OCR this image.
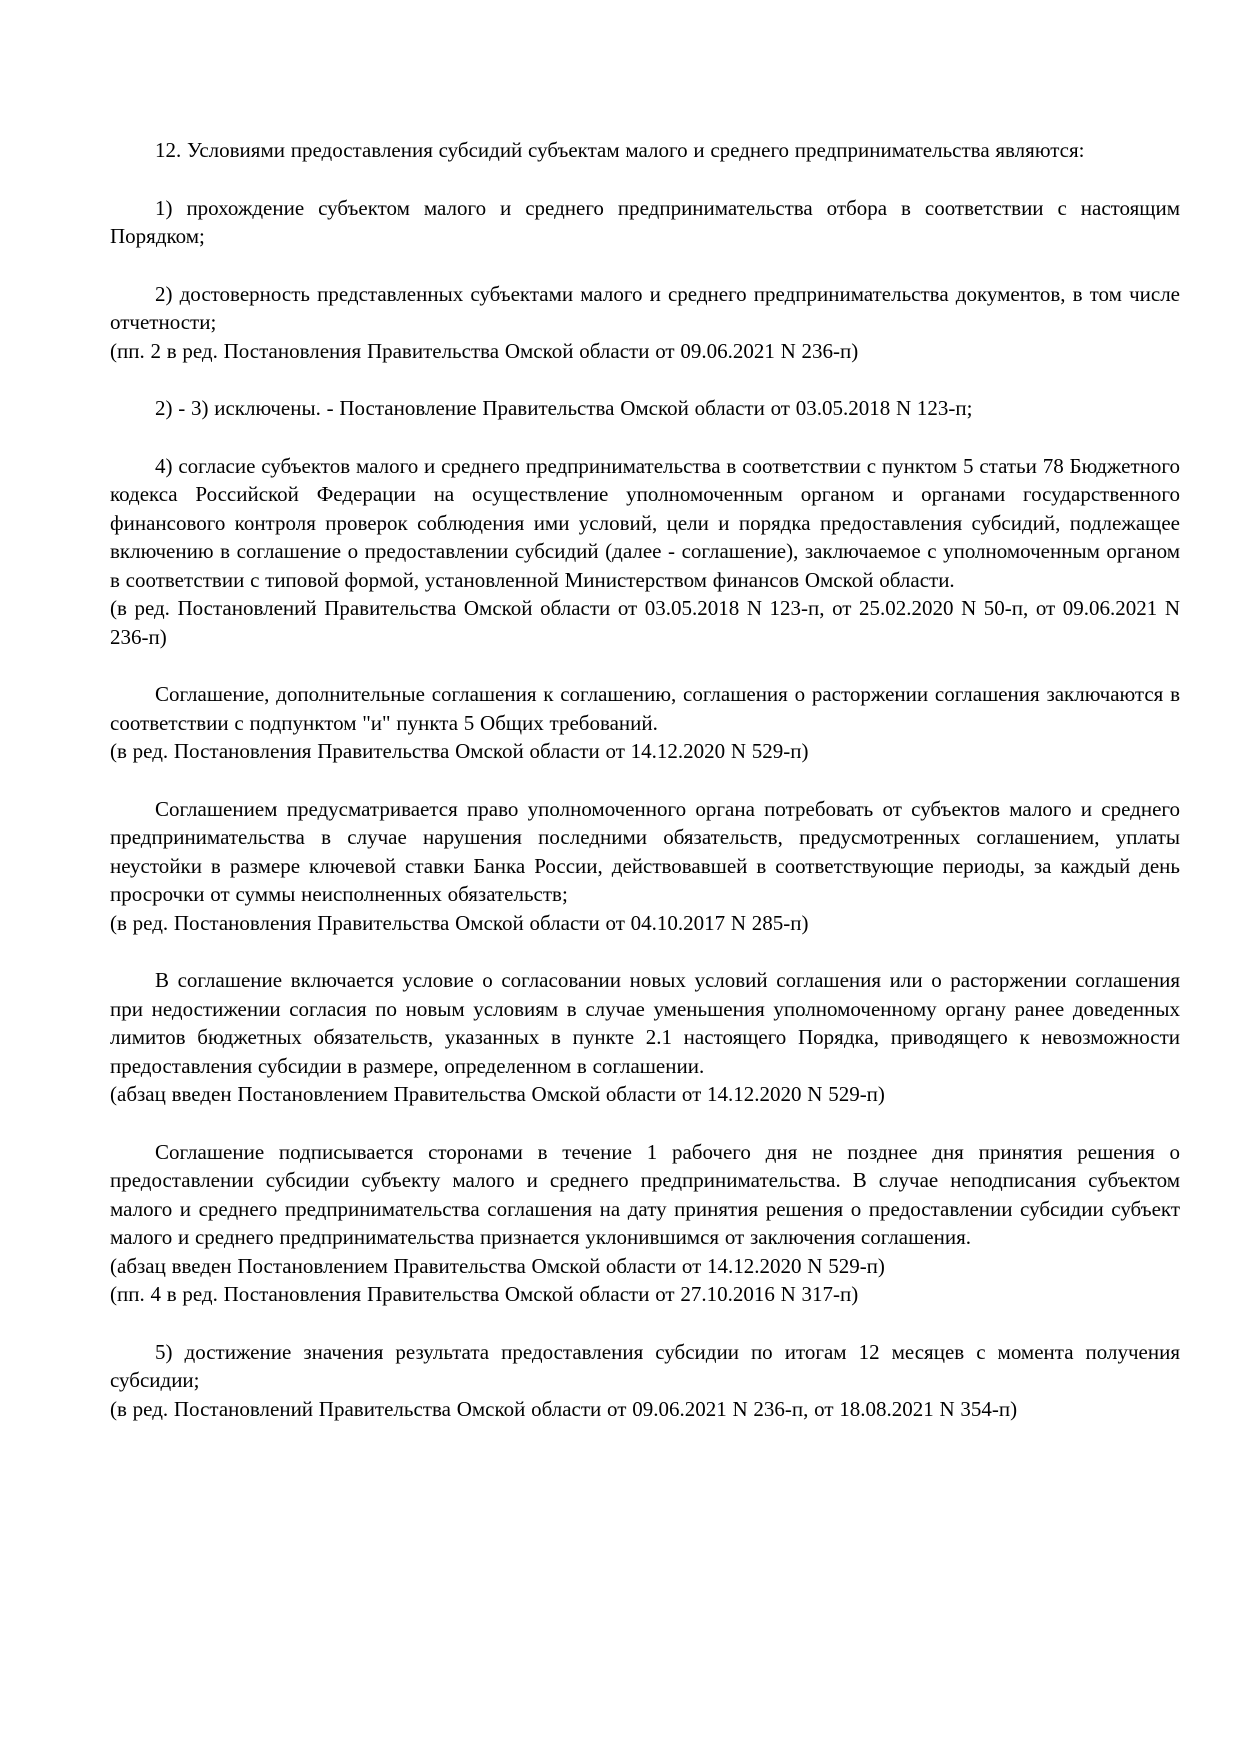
12. Условиями предоставления субсидий субъектам малого и среднего предпринимательства являются:

1) прохождение субъектом малого и среднего предпринимательства отбора в соответствии с настоящим Порядком;

2) достоверность представленных субъектами малого и среднего предпринимательства документов, в том числе отчетности;

(пп. 2 в ред. Постановления Правительства Омской области от 09.06.2021 N 236-п)

2) - 3) исключены. - Постановление Правительства Омской области от 03.05.2018 N 123-п;

4) согласие субъектов малого и среднего предпринимательства в соответствии с пунктом 5 статьи 78 Бюджетного кодекса Российской Федерации на осуществление уполномоченным органом и органами государственного финансового контроля проверок соблюдения ими условий, цели и порядка предоставления субсидий, подлежащее включению в соглашение о предоставлении субсидий (далее - соглашение), заключаемое с уполномоченным органом в соответствии с типовой формой, установленной Министерством финансов Омской области.

(в ред. Постановлений Правительства Омской области от 03.05.2018 N 123-п, от 25.02.2020 N 50-п, от 09.06.2021 N 236-п)

Соглашение, дополнительные соглашения к соглашению, соглашения о расторжении соглашения заключаются в соответствии с подпунктом "и" пункта 5 Общих требований.

(в ред. Постановления Правительства Омской области от 14.12.2020 N 529-п)

Соглашением предусматривается право уполномоченного органа потребовать от субъектов малого и среднего предпринимательства в случае нарушения последними обязательств, предусмотренных соглашением, уплаты неустойки в размере ключевой ставки Банка России, действовавшей в соответствующие периоды, за каждый день просрочки от суммы неисполненных обязательств;

(в ред. Постановления Правительства Омской области от 04.10.2017 N 285-п)

В соглашение включается условие о согласовании новых условий соглашения или о расторжении соглашения при недостижении согласия по новым условиям в случае уменьшения уполномоченному органу ранее доведенных лимитов бюджетных обязательств, указанных в пункте 2.1 настоящего Порядка, приводящего к невозможности предоставления субсидии в размере, определенном в соглашении.

(абзац введен Постановлением Правительства Омской области от 14.12.2020 N 529-п)

Соглашение подписывается сторонами в течение 1 рабочего дня не позднее дня принятия решения о предоставлении субсидии субъекту малого и среднего предпринимательства. В случае неподписания субъектом малого и среднего предпринимательства соглашения на дату принятия решения о предоставлении субсидии субъект малого и среднего предпринимательства признается уклонившимся от заключения соглашения.

(абзац введен Постановлением Правительства Омской области от 14.12.2020 N 529-п)

(пп. 4 в ред. Постановления Правительства Омской области от 27.10.2016 N 317-п)

5) достижение значения результата предоставления субсидии по итогам 12 месяцев с момента получения субсидии;

(в ред. Постановлений Правительства Омской области от 09.06.2021 N 236-п, от 18.08.2021 N 354-п)
